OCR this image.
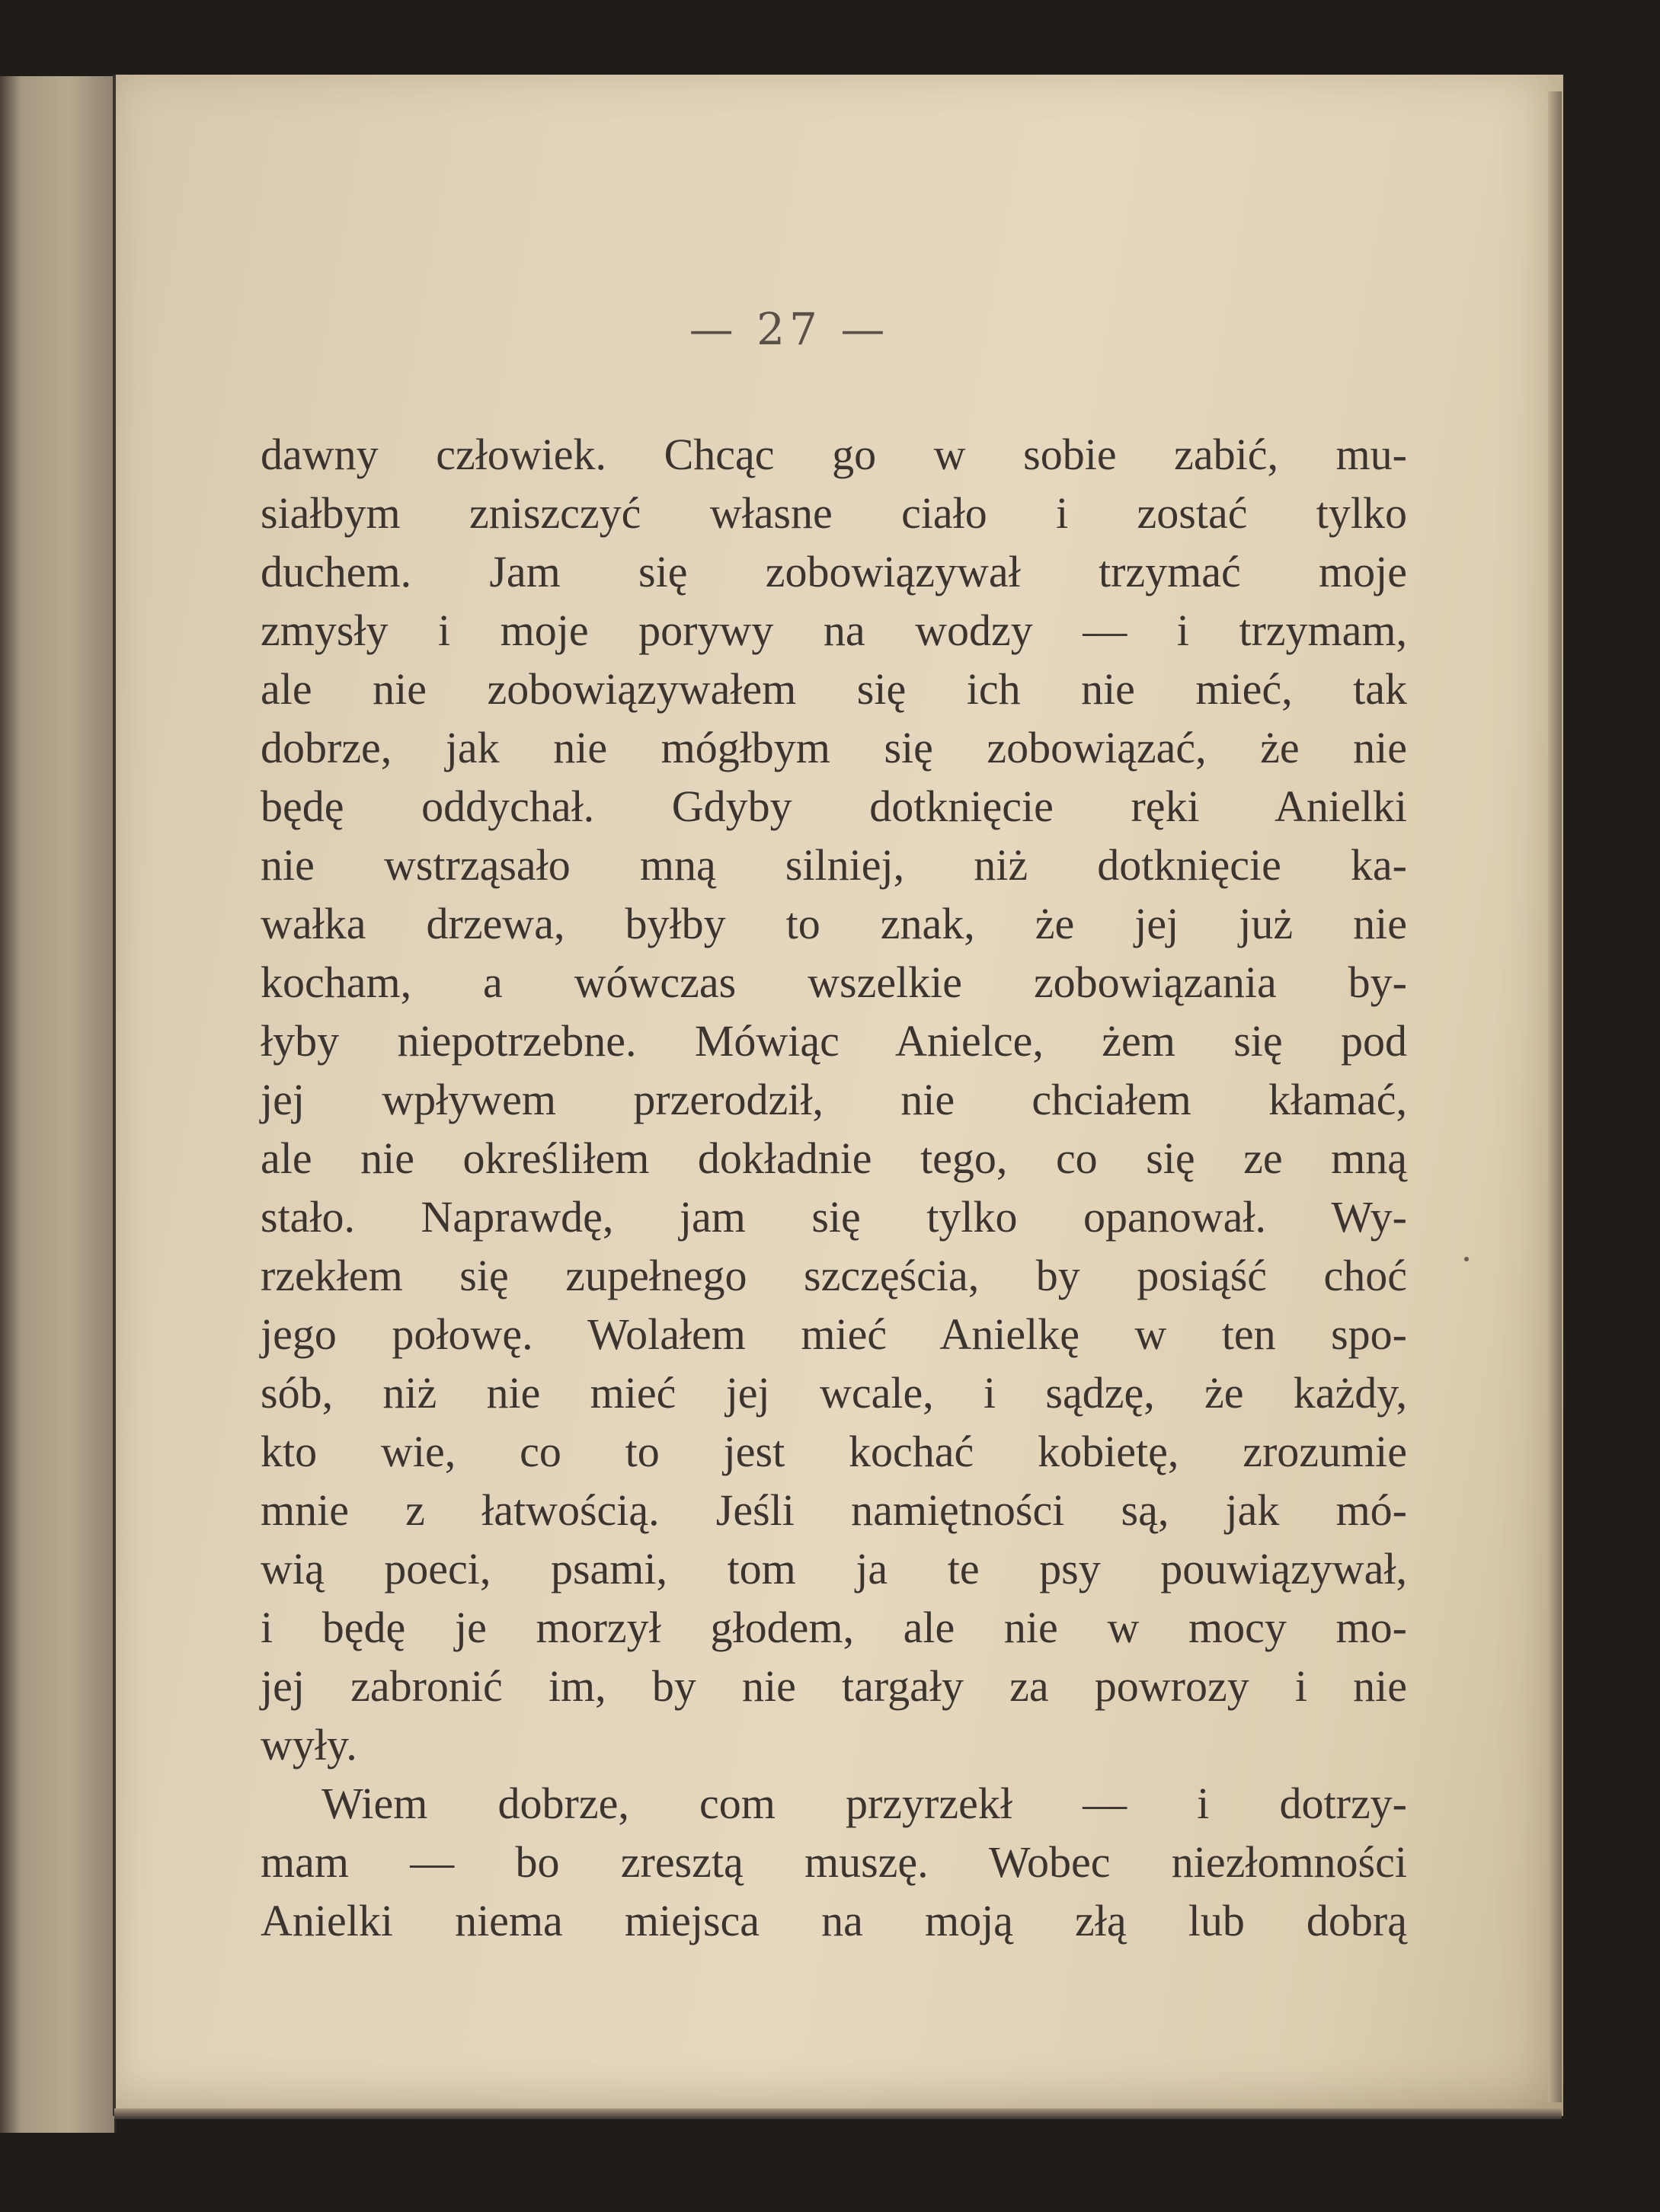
— 27 —
dawny człowiek. Chcąc go w sobie zabić, mu-
siałbym zniszczyć własne ciało i zostać tylko
duchem. Jam się zobowiązywał trzymać moje
zmysły i moje porywy na wodzy — i trzymam,
ale nie zobowiązywałem się ich nie mieć, tak
dobrze, jak nie mógłbym się zobowiązać, że nie
będę oddychał. Gdyby dotknięcie ręki Anielki
nie wstrząsało mną silniej, niż dotknięcie ka-
wałka drzewa, byłby to znak, że jej już nie
kocham, a wówczas wszelkie zobowiązania by-
łyby niepotrzebne. Mówiąc Anielce, żem się pod
jej wpływem przerodził, nie chciałem kłamać,
ale nie określiłem dokładnie tego, co się ze mną
stało. Naprawdę, jam się tylko opanował. Wy-
rzekłem się zupełnego szczęścia, by posiąść choć
jego połowę. Wolałem mieć Anielkę w ten spo-
sób, niż nie mieć jej wcale, i sądzę, że każdy,
kto wie, co to jest kochać kobietę, zrozumie
mnie z łatwością. Jeśli namiętności są, jak mó-
wią poeci, psami, tom ja te psy pouwiązywał,
i będę je morzył głodem, ale nie w mocy mo-
jej zabronić im, by nie targały za powrozy i nie
wyły.
Wiem dobrze, com przyrzekł — i dotrzy-
mam — bo zresztą muszę. Wobec niezłomności
Anielki niema miejsca na moją złą lub dobrą
